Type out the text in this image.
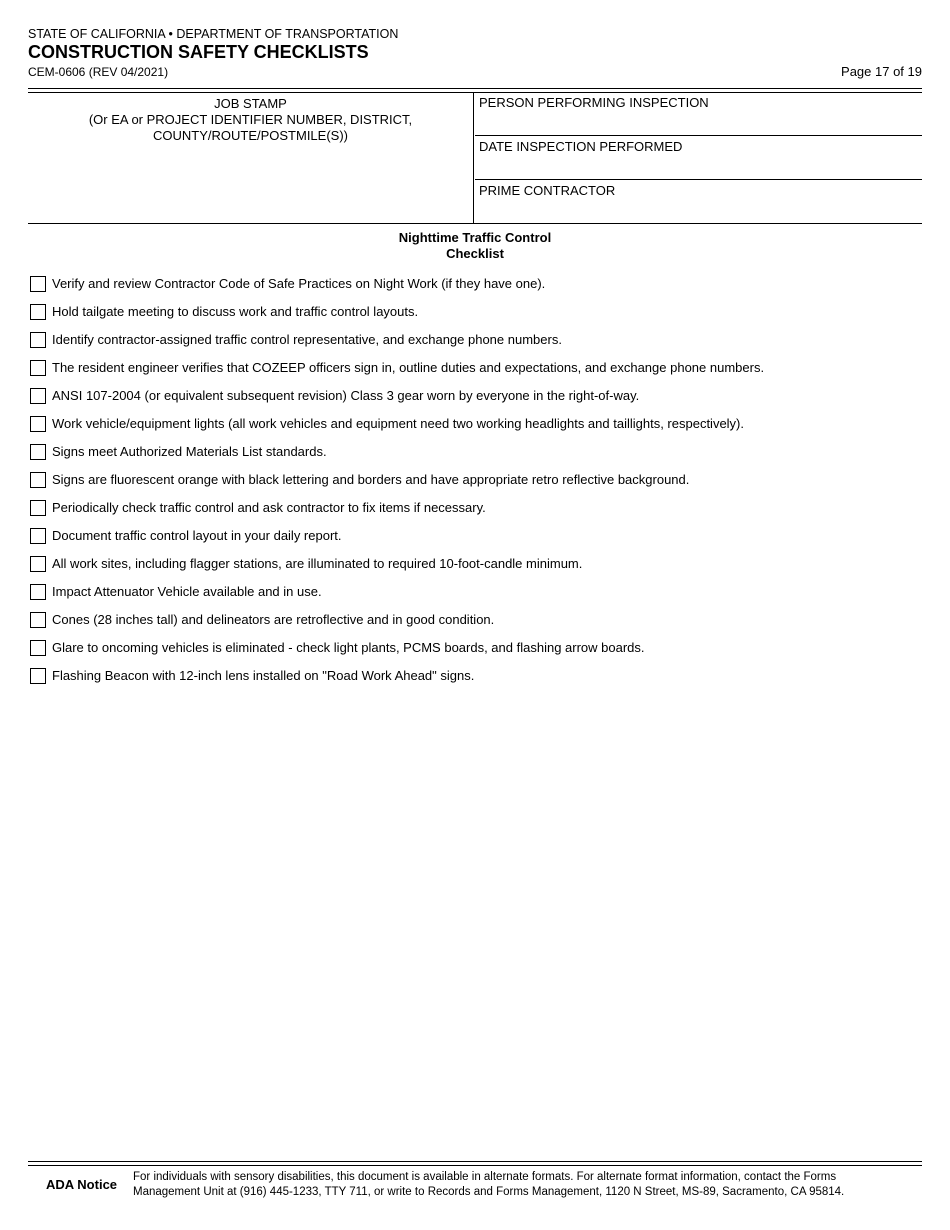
STATE OF CALIFORNIA • DEPARTMENT OF TRANSPORTATION
CONSTRUCTION SAFETY CHECKLISTS
CEM-0606 (REV 04/2021)	Page 17 of 19
JOB STAMP
(Or EA or PROJECT IDENTIFIER NUMBER, DISTRICT,
COUNTY/ROUTE/POSTMILE(S))
PERSON PERFORMING INSPECTION
DATE INSPECTION PERFORMED
PRIME CONTRACTOR
Nighttime Traffic Control
Checklist
Verify and review Contractor Code of Safe Practices on Night Work (if they have one).
Hold tailgate meeting to discuss work and traffic control layouts.
Identify contractor-assigned traffic control representative, and exchange phone numbers.
The resident engineer verifies that COZEEP officers sign in, outline duties and expectations, and exchange phone numbers.
ANSI 107-2004 (or equivalent subsequent revision) Class 3 gear worn by everyone in the right-of-way.
Work vehicle/equipment lights (all work vehicles and equipment need two working headlights and taillights, respectively).
Signs meet Authorized Materials List standards.
Signs are fluorescent orange with black lettering and borders and have appropriate retro reflective background.
Periodically check traffic control and ask contractor to fix items if necessary.
Document traffic control layout in your daily report.
All work sites, including flagger stations, are illuminated to required 10-foot-candle minimum.
Impact Attenuator Vehicle available and in use.
Cones (28 inches tall) and delineators are retroflective and in good condition.
Glare to oncoming vehicles is eliminated - check light plants, PCMS boards, and flashing arrow boards.
Flashing Beacon with 12-inch lens installed on "Road Work Ahead" signs.
ADA Notice For individuals with sensory disabilities, this document is available in alternate formats. For alternate format information, contact the Forms
Management Unit at (916) 445-1233, TTY 711, or write to Records and Forms Management, 1120 N Street, MS-89, Sacramento, CA 95814.
